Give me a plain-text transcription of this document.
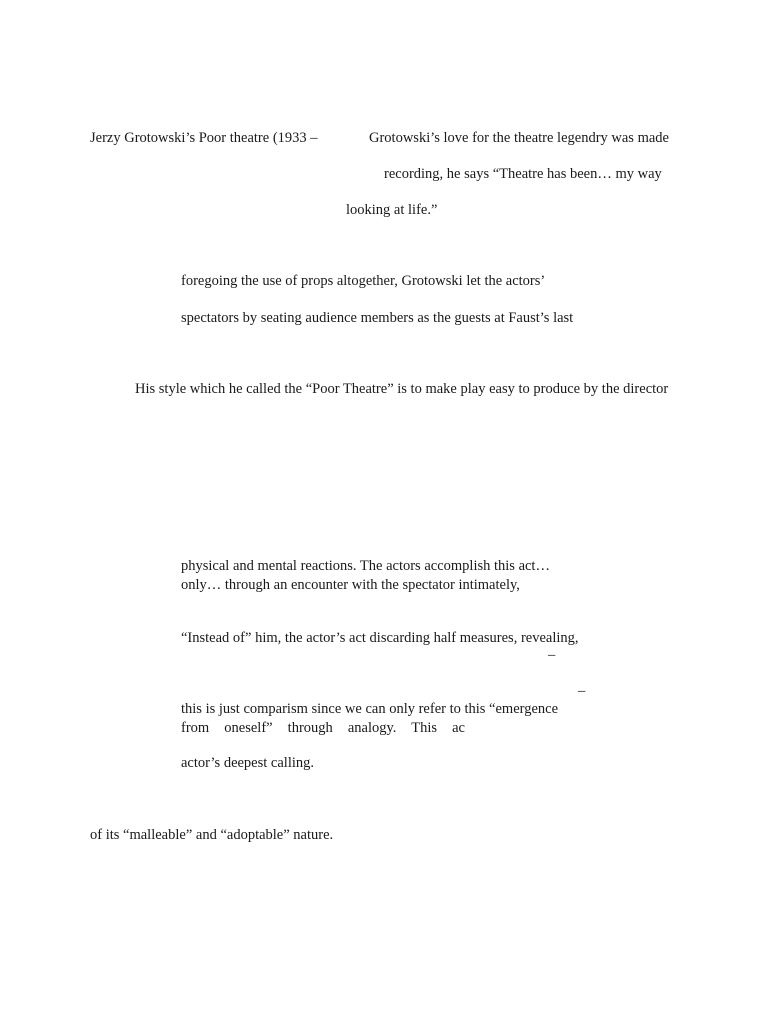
Jerzy Grotowski’s Poor theatre (1933 –	Grotowski’s love for the theatre legendry was made
recording, he says “Theatre has been… my way
looking at life.”
foregoing the use of props altogether, Grotowski let the actors’
spectators by seating audience members as the guests at Faust’s last
His style which he called the “Poor Theatre” is to make play easy to produce by the director
physical and mental reactions. The actors accomplish this act…
only… through an encounter with the spectator intimately,
“Instead of” him, the actor’s act discarding half measures, revealing,
–
–
this is just comparism since we can only refer to this “emergence
from oneself” through analogy. This ac
actor’s deepest calling.
of its “malleable” and “adoptable” nature.
